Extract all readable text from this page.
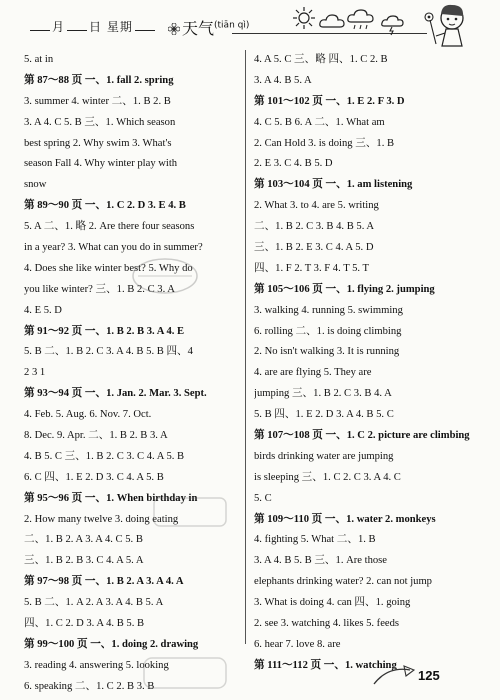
月 日 星期	天气$^{(tiān qì)}$
5. at in
第 87～88 页 一、1. fall 2. spring
3. summer 4. winter 二、1. B 2. B
3. A 4. C 5. B 三、1. Which season
best spring 2. Why swim 3. What's
season Fall 4. Why winter play with
snow
第 89～90 页 一、1. C 2. D 3. E 4. B
5. A 二、1. 略 2. Are there four seasons
in a year? 3. What can you do in summer?
4. Does she like winter best? 5. Why do
you like winter? 三、1. B 2. C 3. A
4. E 5. D
第 91～92 页 一、1. B 2. B 3. A 4. E
5. B 二、1. B 2. C 3. A 4. B 5. B 四、4
2 3 1
第 93～94 页 一、1. Jan. 2. Mar. 3. Sept.
4. Feb. 5. Aug. 6. Nov. 7. Oct.
8. Dec. 9. Apr. 二、1. B 2. B 3. A
4. B 5. C 三、1. B 2. C 3. C 4. A 5. B
6. C 四、1. E 2. D 3. C 4. A 5. B
第 95～96 页 一、1. When birthday in
2. How many twelve 3. doing eating
二、1. B 2. A 3. A 4. C 5. B
三、1. B 2. B 3. C 4. A 5. A
第 97～98 页 一、1. B 2. A 3. A 4. A
5. B 二、1. A 2. A 3. A 4. B 5. A
四、1. C 2. D 3. A 4. B 5. B
第 99～100 页 一、1. doing 2. drawing
3. reading 4. answering 5. looking
6. speaking 二、1. C 2. B 3. B
4. A 5. C 三、略 四、1. C 2. B
3. A 4. B 5. A
第 101～102 页 一、1. E 2. F 3. D
4. C 5. B 6. A 二、1. What am
2. Can Hold 3. is doing 三、1. B
2. E 3. C 4. B 5. D
第 103～104 页 一、1. am listening
2. What 3. to 4. are 5. writing
二、1. B 2. C 3. B 4. B 5. A
三、1. B 2. E 3. C 4. A 5. D
四、1. F 2. T 3. F 4. T 5. T
第 105～106 页 一、1. flying 2. jumping
3. walking 4. running 5. swimming
6. rolling 二、1. is doing climbing
2. No isn't walking 3. It is running
4. are are flying 5. They are
jumping 三、1. B 2. C 3. B 4. A
5. B 四、1. E 2. D 3. A 4. B 5. C
第 107～108 页 一、1. C 2. picture are climbing
birds drinking water are jumping
is sleeping 三、1. C 2. C 3. A 4. C
5. C
第 109～110 页 一、1. water 2. monkeys
4. fighting 5. What 二、1. B
3. A 4. B 5. B 三、1. Are those
elephants drinking water? 2. can not jump
3. What is doing 4. can 四、1. going
2. see 3. watching 4. likes 5. feeds
6. hear 7. love 8. are
第 111～112 页 一、1. watching
125
